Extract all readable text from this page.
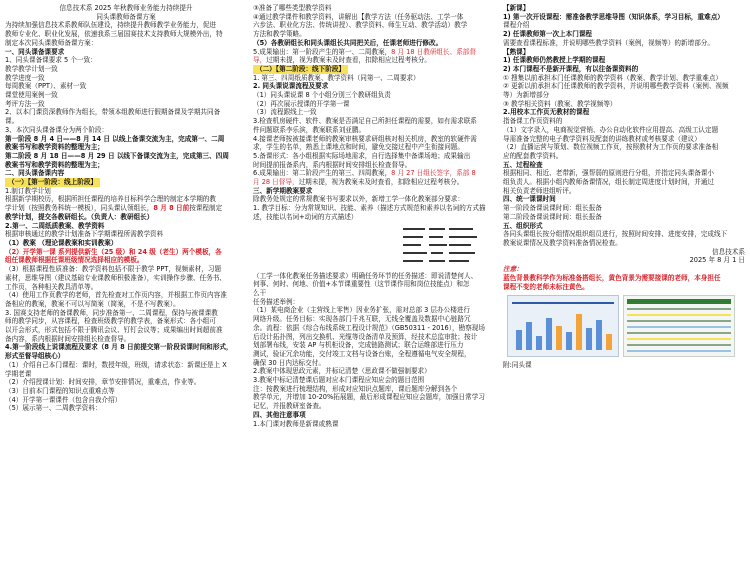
信息技术系 2025 年秋教师业务能力持续提升

同头课教师备课方案

为持续加强信息技术系教师队伍建设，持续提升教师教学业务能力，促进

教师专业化、职业化发展，依速我系三届国赛技术支持教师大规模外出，特

制定本次同头课教师备课方案：

一、同头课备课要求

1、同头课备课要求 5 个一致：

教学教学计划一致

教学进度一致

每周教案（PPT）、素材一致

课堂使用案例一致

考评方法一致

2、以本门课资深教师作为组长，带领本组教师进行假期备课及学期共同备

课。

3、本次同头课备课分为两个阶段：

第一阶段 8 月 4 日——8 月 14 日 以线上备课交流为主，完成第一、二周

教案书写和教学资料的整理为主；

第二阶段 8 月 18 日——8 月 29 日 以线下备课交流为主，完成第三、四周

教案书写和教学资料的整理为主；

二、同头课备课内容

（一）【第一阶段：线上阶段】

1.制订教学计划

根据新学期校历，根据所担任课程的培养目标科学合理的制定本学期的教

学计划（按照教务科统一模板），同头课认领组长，8 月 8 日前按课程制定

教学计划，提交各教研组长。（负责人：教研组长）

2.第一、二周纸质教案、教学资料

根据审核通过的教学计划准备下学期课程所需教学资料

（1）教案 （理论课教案和实训教案）

（2）开学第一课 系列提供新生（25 级）和 24 级（老生）两个模板，各

组任课教师根据任课班级情况选择相应的模板。

（3）根据课程性质准备：教学资料包括不限于教学 PPT，视频素材，习题

素材，思维导图（建议基础专业课教师积极准备），实训操作步骤、任务书、

工作页，各种相关教具清单等。

（4）使用工作页教学的老师，首先检查对工作页内容，并根据工作页内容准

备相应的教案，教案不可以写简案（简案，不是不写教案）。

3. 国赛支持老师的备课教师，同步准备第一、二周课程，保持与被课课教

师的教学同步，从容课程，检查班级教学的教学表，备案形式：各小组可

以开会形式，形式包括不限于腾讯会议、钉钉会议等；成果编出时间超前准

备内容，系内根据时间安排组长检查督导。

4.第一阶段线上说课流程及要求（8 月 8 日前提交第一阶段说课时间和形式，

形式至督导组核心）

（1）介绍自己本门课程：课时，数授年级，班级，请求状态：新课还是上 X

学期老课

（2）介绍授课计划：时间安排，章节安排情况，重难点，作业等。

（3）目前本门课程的知识点重难点等

（4）开学第一课课件（包含自我介绍）

（5）展示第一、二周教学资料：

③准备了哪些类型教学资料

④通过教学课件和教学资料，讲解出【教学方法（任务驱动法、工学一体

六步法、职业化方法、传统讲授）、教学资料、师生互动、教学活动）教学

方法和教学策略。

（5）各教研组长和同头课组长共同把关后，任课老师进行修改。

5.成果输出：第一阶段产生的第一、二周教案，8 月 18 日教研组长、系部督

导，过期未提，视为教案未及时查看，扣除相应过程考核分。

（二）【第二阶段：线下阶段】

1. 第三、四周纸质教案、教学资料（同第一、二周要求）

2. 同头课说课流程及要求

（1）同头课说课 8 个小组分别三个教研组负责

（2）再次展示授课的开学第一课

（3）流程跟线上一致

3.检查机房硬件、软件、教案是否满足自己所担任课程的需要，如有需求联系

件问题联系李乐滨，教案联系刘亚鹏。

4.接课老师按被接课老师的教案审核要求研组核对相关机房，教室的软硬件需

求，学生的名单，熟悉上课地点和时间，避免交接过程中产生衔接问题。

5.备课形式：各小组根据实际场地需求，自行选择集中备课场地；成果输出

时间提前报备系内，系内根据时间安排组长检查督导。

6.成果输出：第二阶段产生的第三、四周教案，8 月 27 日组长签字，系部 8

月 28 日督导，过期未提，视为教案未及时查看，扣除相应过程考核分。

三、新学期教案要求

除教务处规定的常规教案书写要求以外，新增工学一体化教案部分要求：

1. 教学目标：分为常规知识、技能、素养（描述方式规范和素养以名词的方式描

述，技能以名词+动词的方式描述）

（工学一体化教案任务描述要求）明确任务环节的任务描述：即说清楚何人、

何事、何时、何地、价值+本节课重要性（这节课作用和岗位技能点）和怎

么干

任务描述举例：

（1）某电商企业（主营线上零售）因业务扩张，需对总部 3 层办公楼进行

网络升级。任务目标：实现各部门千兆互联，无线全覆盖及数据中心链路冗

余。流程：依据《综合布线系统工程设计规范》（GB50311 - 2016），勘察现场

后设计拓扑图，列出交换机、光缆等设备清单及预算，经技术总监审批；按计

划部署布线，安装 AP 与机柜设备，完成链路测试；联合运维部进行压力

测试，验证冗余功能，交付竣工文档与设备台账，全程遵循电气安全规程，

确保 30 日内达标交付。

2.教案中体现思政元素，并标记清楚（思政课不做强制要求）

3.教案中标记清楚课后题对应本门课程应知应会的题目范围

注：按教案进行梳理结构，形成对应知识点题库，课后题库分解到各个

教学单元，并增加 10-20%拓展题，最后形成课程应知应会题库，加强日常学习

记忆，并报教研室备查。

四、其他注意事项

1.本门课对教师是新课或熟课

【新课】

1) 第一次开设课程：需准备教学思维导图（知识体系，学习目标，重难点）

课程介绍

2) 任课教师第一次上本门课程

需要查看课程标准，并说明哪些教学资料（案例，视频等）的新增部分。

【熟课】

1) 任课教师仍然教授上学期的课程

2) 本门课程不是新开课程，有以往备课资料的

① 搜集以前承担本门任课教师的教学资料（教案、教学计划、教学重难点）

② 更新以前承担本门任课教师的教学资料，并说明哪些教学资料（案例、视频

等）为新增部分

③ 教学相关资料（教案、教学视频等）

2.用校本工作页无教材的课程

指备课工作页资料的

（1）文字录入，电商视觉营销、办公自动化软件应用提高、高级工认定题

导需准备完整的电子教学资料及配套的讲练教材或考核要求（建议）

（2）直播运营与策划、数位视频工作页，按照教材为工作页的要求准备相

应的配套教学资料。

五、过程检查

根据相同、相近、老带新，强帮弱的原则进行分组，并指定同头课备课小

组负责人。根据小组内教师备课情况，组长制定周进度计划时间，并通过

相关负责老师进组听评。

四、统一课课时间

第一阶段备课说课时间：组长报备

第二阶段备课说课时间：组长报备

五、组织形式

各同头课组长按分组情况组织组员进行，按照时间安排、进度安排，完成线下

教案说课情况及教学资料准备情况检查。

信息技术系

2025 年 8 月 1 日

注意：

蓝色背景教科学作为标准备搭组长，黄色背景为需要接课的老师，本身担任

课程不变的老师未标注黄色。

附:同头课
